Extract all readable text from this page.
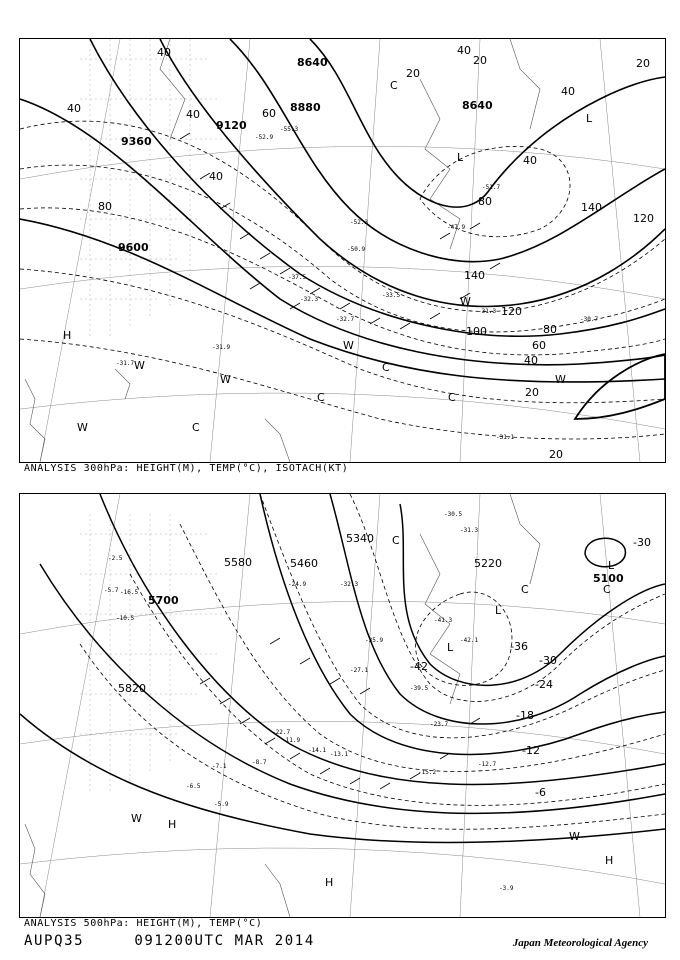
8640
8880
9120
9360
9600
8640
40
40	40	60
80
40
20
20
40
40
20
40
80	140
120
140
120
100	80
60
40
20
20
L
L
H
W
W
W
W
W
W
C
C	C
C
C
-55.3
-52.9
-51.7
-50.9
-47.9
-52.3
-33.5
-32.7
-37.5
-31.9
-31.3
-30.7
-31.1
-31.7
-32.3
ANALYSIS 300hPa: HEIGHT(M), TEMP(°C), ISOTACH(KT)
5340
5580	5460
5700
5820
5220
5100
-42
-36
-30
-24
-18
-12
-6
-30
L
L
L
C	C
H
H
H
W
W
C
-30.5
-31.3
-41.3
-42.1
-39.5
-35.9
-32.3
-27.1
-24.9
-23.7
-22.7
-12.7
-15.2
-14.1
-13.1
-11.9
-7.1
-8.7
-5.9
-3.9
-6.5
-2.5
-5.7
-10.5
-16.5
ANALYSIS 500hPa: HEIGHT(M), TEMP(°C)
AUPQ35	091200UTC MAR 2014	Japan Meteorological Agency
